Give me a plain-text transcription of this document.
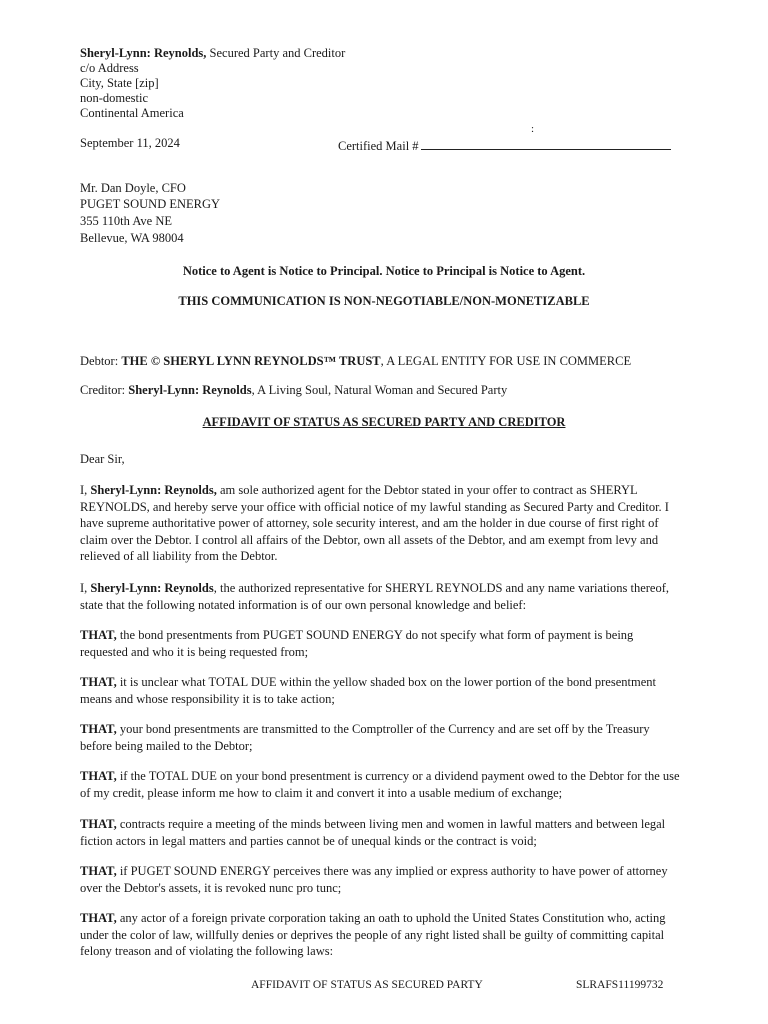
Sheryl-Lynn: Reynolds, Secured Party and Creditor
c/o Address
City, State [zip]
non-domestic
Continental America
:
September 11, 2024	Certified Mail #
Mr. Dan Doyle, CFO
PUGET SOUND ENERGY
355 110th Ave NE
Bellevue, WA 98004
Notice to Agent is Notice to Principal. Notice to Principal is Notice to Agent.
THIS COMMUNICATION IS NON-NEGOTIABLE/NON-MONETIZABLE
Debtor: THE © SHERYL LYNN REYNOLDS™ TRUST, A LEGAL ENTITY FOR USE IN COMMERCE
Creditor: Sheryl-Lynn: Reynolds, A Living Soul, Natural Woman and Secured Party
AFFIDAVIT OF STATUS AS SECURED PARTY AND CREDITOR
Dear Sir,
I, Sheryl-Lynn: Reynolds, am sole authorized agent for the Debtor stated in your offer to contract as SHERYL REYNOLDS, and hereby serve your office with official notice of my lawful standing as Secured Party and Creditor. I have supreme authoritative power of attorney, sole security interest, and am the holder in due course of first right of claim over the Debtor. I control all affairs of the Debtor, own all assets of the Debtor, and am exempt from levy and relieved of all liability from the Debtor.
I, Sheryl-Lynn: Reynolds, the authorized representative for SHERYL REYNOLDS and any name variations thereof, state that the following notated information is of our own personal knowledge and belief:
THAT, the bond presentments from PUGET SOUND ENERGY do not specify what form of payment is being requested and who it is being requested from;
THAT, it is unclear what TOTAL DUE within the yellow shaded box on the lower portion of the bond presentment means and whose responsibility it is to take action;
THAT, your bond presentments are transmitted to the Comptroller of the Currency and are set off by the Treasury before being mailed to the Debtor;
THAT, if the TOTAL DUE on your bond presentment is currency or a dividend payment owed to the Debtor for the use of my credit, please inform me how to claim it and convert it into a usable medium of exchange;
THAT, contracts require a meeting of the minds between living men and women in lawful matters and between legal fiction actors in legal matters and parties cannot be of unequal kinds or the contract is void;
THAT, if PUGET SOUND ENERGY perceives there was any implied or express authority to have power of attorney over the Debtor's assets, it is revoked nunc pro tunc;
THAT, any actor of a foreign private corporation taking an oath to uphold the United States Constitution who, acting under the color of law, willfully denies or deprives the people of any right listed shall be guilty of committing capital felony treason and of violating the following laws:
AFFIDAVIT OF STATUS AS SECURED PARTY	SLRAFS11199732
